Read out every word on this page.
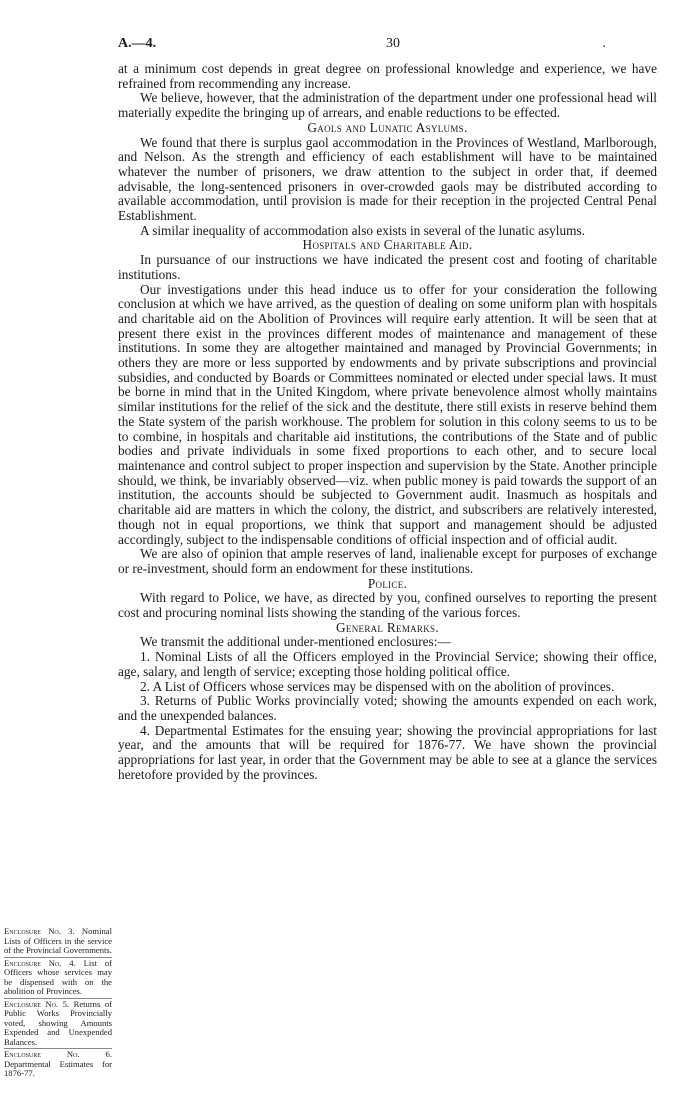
A.—4.	30	.

at a minimum cost depends in great degree on professional knowledge and experience, we have refrained from recommending any increase.

We believe, however, that the administration of the department under one professional head will materially expedite the bringing up of arrears, and enable reductions to be effected.

Gaols and Lunatic Asylums.

We found that there is surplus gaol accommodation in the Provinces of Westland, Marlborough, and Nelson. As the strength and efficiency of each establishment will have to be maintained whatever the number of prisoners, we draw attention to the subject in order that, if deemed advisable, the long-sentenced prisoners in over-crowded gaols may be distributed according to available accommodation, until provision is made for their reception in the projected Central Penal Establishment.

A similar inequality of accommodation also exists in several of the lunatic asylums.

Hospitals and Charitable Aid.

In pursuance of our instructions we have indicated the present cost and footing of charitable institutions.

Our investigations under this head induce us to offer for your consideration the following conclusion at which we have arrived, as the question of dealing on some uniform plan with hospitals and charitable aid on the Abolition of Provinces will require early attention. It will be seen that at present there exist in the provinces different modes of maintenance and management of these institutions. In some they are altogether maintained and managed by Provincial Governments; in others they are more or less supported by endowments and by private subscriptions and provincial subsidies, and conducted by Boards or Committees nominated or elected under special laws. It must be borne in mind that in the United Kingdom, where private benevolence almost wholly maintains similar institutions for the relief of the sick and the destitute, there still exists in reserve behind them the State system of the parish workhouse. The problem for solution in this colony seems to us to be to combine, in hospitals and charitable aid institutions, the contributions of the State and of public bodies and private individuals in some fixed proportions to each other, and to secure local maintenance and control subject to proper inspection and supervision by the State. Another principle should, we think, be invariably observed—viz. when public money is paid towards the support of an institution, the accounts should be subjected to Government audit. Inasmuch as hospitals and charitable aid are matters in which the colony, the district, and subscribers are relatively interested, though not in equal proportions, we think that support and management should be adjusted accordingly, subject to the indispensable conditions of official inspection and of official audit.

We are also of opinion that ample reserves of land, inalienable except for purposes of exchange or re-investment, should form an endowment for these institutions.

Police.

With regard to Police, we have, as directed by you, confined ourselves to reporting the present cost and procuring nominal lists showing the standing of the various forces.

General Remarks.

We transmit the additional under-mentioned enclosures:—

1. Nominal Lists of all the Officers employed in the Provincial Service; showing their office, age, salary, and length of service; excepting those holding political office.

2. A List of Officers whose services may be dispensed with on the abolition of provinces.

3. Returns of Public Works provincially voted; showing the amounts expended on each work, and the unexpended balances.

4. Departmental Estimates for the ensuing year; showing the provincial appropriations for last year, and the amounts that will be required for 1876-77. We have shown the provincial appropriations for last year, in order that the Government may be able to see at a glance the services heretofore provided by the provinces.

Enclosure No. 3. Nominal Lists of Officers in the service of the Provincial Governments.
Enclosure No. 4. List of Officers whose services may be dispensed with on the abolition of Provinces.
Enclosure No. 5. Returns of Public Works Provincially voted, showing Amounts Expended and Unexpended Balances.
Enclosure No. 6. Departmental Estimates for 1876-77.
